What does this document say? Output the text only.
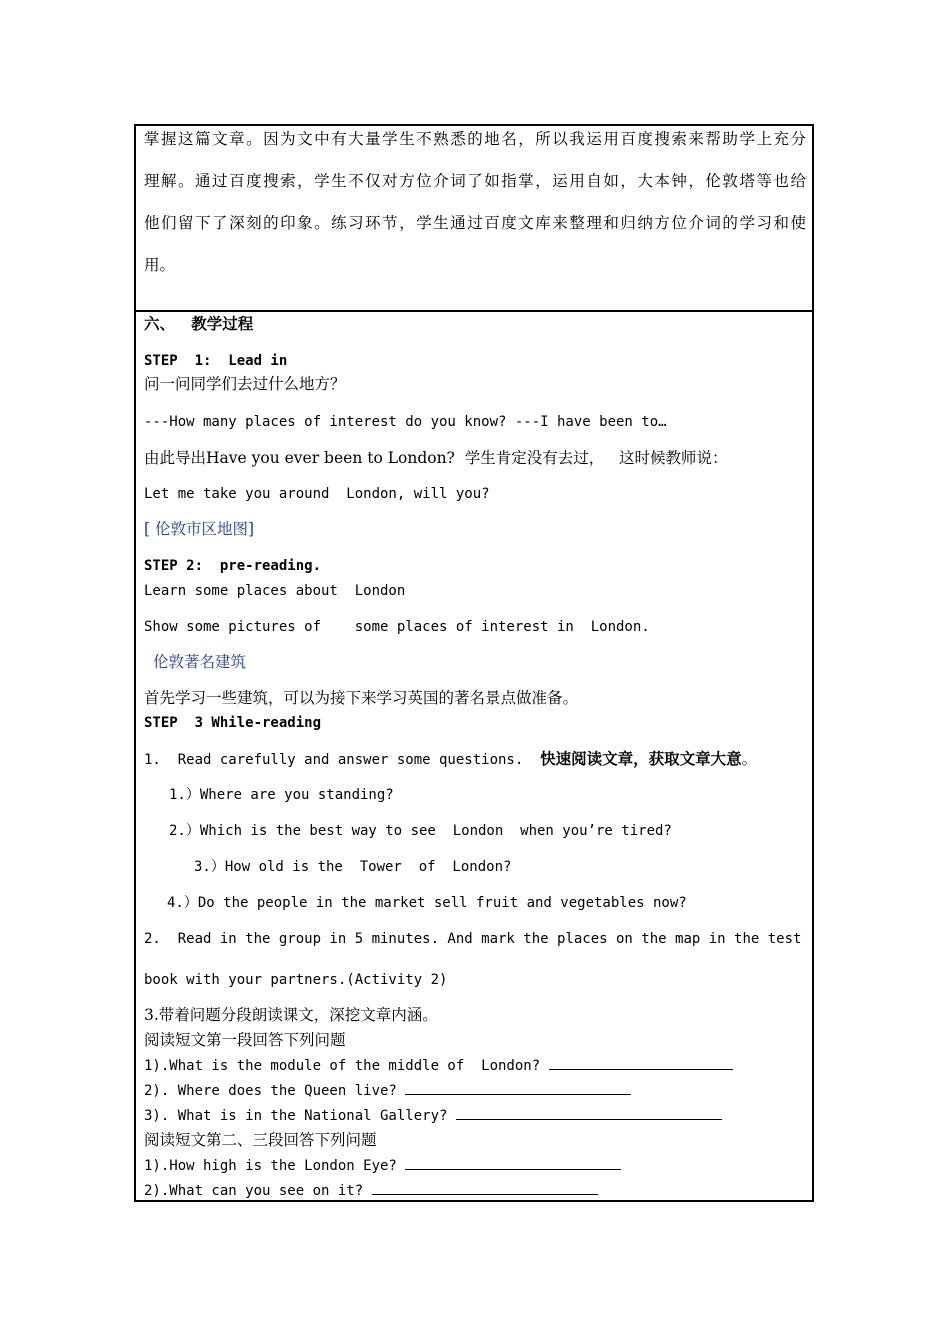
掌握这篇文章。因为文中有大量学生不熟悉的地名，所以我运用百度搜索来帮助学上充分
理解。通过百度搜索，学生不仅对方位介词了如指掌，运用自如，大本钟，伦敦塔等也给
他们留下了深刻的印象。练习环节，学生通过百度文库来整理和归纳方位介词的学习和使
用。
六、   教学过程
STEP  1:  Lead in
问一问同学们去过什么地方？
---How many places of interest do you know? ---I have been to…
由此导出Have you ever been to London?  学生肯定没有去过，   这时候教师说：
Let me take you around  London, will you?
[ 伦敦市区地图]
STEP 2:  pre-reading.
Learn some places about  London
Show some pictures of    some places of interest in  London.
伦敦著名建筑
首先学习一些建筑，可以为接下来学习英国的著名景点做准备。
STEP  3 While-reading
1.  Read carefully and answer some questions. 快速阅读文章，获取文章大意。
1.）Where are you standing?
2.）Which is the best way to see  London  when you’re tired?
3.）How old is the  Tower  of  London?
4.）Do the people in the market sell fruit and vegetables now?
2.  Read in the group in 5 minutes. And mark the places on the map in the test
book with your partners.(Activity 2)
3.带着问题分段朗读课文，深挖文章内涵。
阅读短文第一段回答下列问题
1).What is the module of the middle of  London?
2). Where does the Queen live?
3). What is in the National Gallery?
阅读短文第二、三段回答下列问题
1).How high is the London Eye?
2).What can you see on it?
